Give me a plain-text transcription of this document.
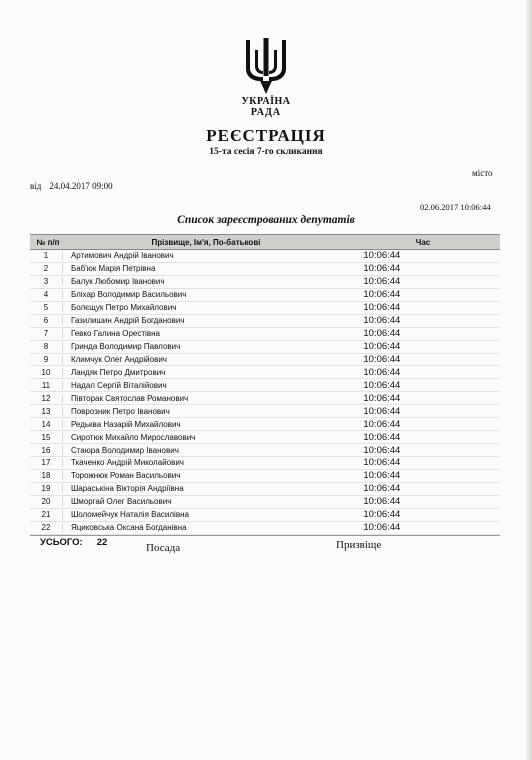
УКРАЇНА
РАДА
РЕЄСТРАЦІЯ
15-та сесія 7-го скликання
місто
від 24.04.2017 09:00
02.06.2017 10:06:44
Список зареєстрованих депутатів
№ п/п	Прізвище, Ім'я, По-батькові	Час
1	Артимович Андрій Іванович	10:06:44
2	Баб'юк Марія Петрівна	10:06:44
3	Балук Любомир Іванович	10:06:44
4	Бліхар Володимир Васильович	10:06:44
5	Болєщук Петро Михайлович	10:06:44
6	Газилишин Андрій Богданович	10:06:44
7	Гевко Галина Орестівна	10:06:44
8	Гринда Володимир Павлович	10:06:44
9	Климчук Олег Андрійович	10:06:44
10	Ландяк Петро Дмитрович	10:06:44
11	Надал Сергій Віталійович	10:06:44
12	Півторак Святослав Романович	10:06:44
13	Поврозник Петро Іванович	10:06:44
14	Редьква Назарій Михайлович	10:06:44
15	Сиротюк Михайло Мирославович	10:06:44
16	Стаюра Володимир Іванович	10:06:44
17	Ткаченко Андрій Миколайович	10:06:44
18	Торожнюк Роман Васильович	10:06:44
19	Шараськіна Вікторія Андріївна	10:06:44
20	Шморгай Олег Васильович	10:06:44
21	Шоломейчук Наталія Василівна	10:06:44
22	Яциковська Оксана Богданівна	10:06:44
УСЬОГО: 22	Посада	Призвіще
